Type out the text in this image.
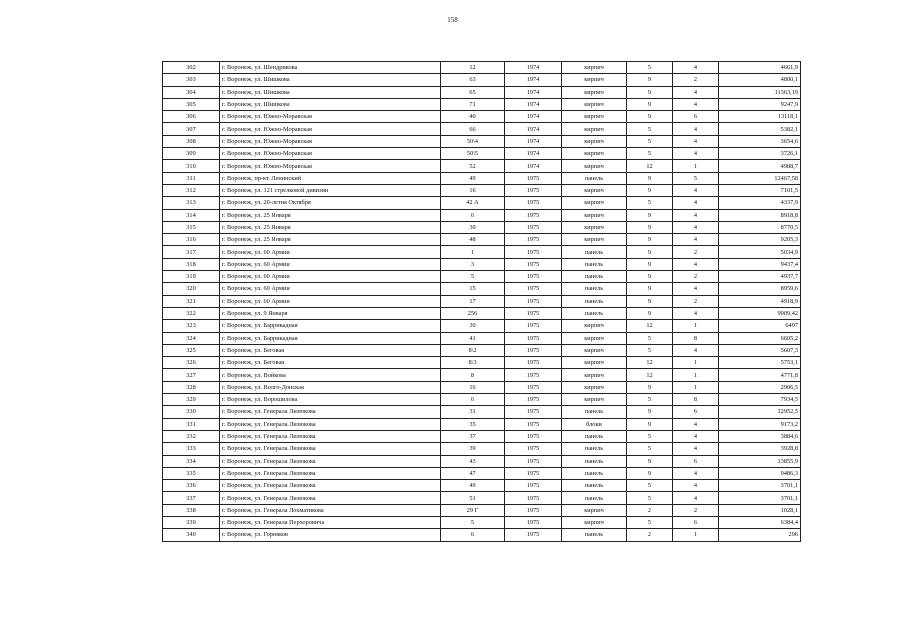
158
302	г. Воронеж, ул. Шендрикова	12	1974	кирпич	5	4	4661,9
303	г. Воронеж, ул. Шишкова	63	1974	кирпич	9	2	4800,1
304	г. Воронеж, ул. Шишкова	65	1974	кирпич	9	4	11363,19
305	г. Воронеж, ул. Шишкова	71	1974	кирпич	9	4	9247,9
306	г. Воронеж, ул. Южно-Моравская	40	1974	кирпич	9	6	13118,1
307	г. Воронеж, ул. Южно-Моравская	66	1974	кирпич	5	4	5382,1
308	г. Воронеж, ул. Южно-Моравская	50\4	1974	кирпич	5	4	3654,6
309	г. Воронеж, ул. Южно-Моравская	50\5	1974	кирпич	5	4	3726,1
310	г. Воронеж, ул. Южно-Моравская	52	1974	кирпич	12	1	4988,7
311	г. Воронеж, пр-кт. Ленинский	49	1975	панель	9	5	12467,58
312	г. Воронеж, ул. 121 стрелковой дивизии	16	1975	кирпич	9	4	7101,5
313	г. Воронеж, ул. 20-летия Октября	42 А	1975	кирпич	5	4	4337,9
314	г. Воронеж, ул. 25 Января	6	1975	кирпич	9	4	8918,8
315	г. Воронеж, ул. 25 Января	30	1975	кирпич	9	4	8770,5
316	г. Воронеж, ул. 25 Января	48	1975	кирпич	9	4	9205,3
317	г. Воронеж, ул. 60 Армии	1	1975	панель	9	2	5034,9
318	г. Воронеж, ул. 60 Армии	3	1975	панель	9	4	9437,4
319	г. Воронеж, ул. 60 Армии	5	1975	панель	9	2	4937,7
320	г. Воронеж, ул. 60 Армии	15	1975	панель	9	4	8959,6
321	г. Воронеж, ул. 60 Армии	17	1975	панель	9	2	4918,9
322	г. Воронеж, ул. 9 Января	256	1975	панель	9	4	9009,42
323	г. Воронеж, ул. Баррикадная	30	1975	кирпич	12	1	6497
324	г. Воронеж, ул. Баррикадная	41	1975	кирпич	5	8	6605,2
325	г. Воронеж, ул. Беговая	8\2	1975	кирпич	5	4	5607,3
326	г. Воронеж, ул. Беговая	8\3	1975	кирпич	12	1	5753,1
327	г. Воронеж, ул. Войкова	8	1975	кирпич	12	1	4771,8
328	г. Воронеж, ул. Волго-Донская	16	1975	кирпич	9	1	2906,5
329	г. Воронеж, ул. Ворошилова	6	1975	кирпич	5	8	7934,5
330	г. Воронеж, ул. Генерала Лизюкова	31	1975	панель	9	6	12952,5
331	г. Воронеж, ул. Генерала Лизюкова	35	1975	блоки	9	4	9173,2
332	г. Воронеж, ул. Генерала Лизюкова	37	1975	панель	5	4	3884,6
333	г. Воронеж, ул. Генерала Лизюкова	39	1975	панель	5	4	3928,8
334	г. Воронеж, ул. Генерала Лизюкова	43	1975	панель	9	6	13855,9
335	г. Воронеж, ул. Генерала Лизюкова	47	1975	панель	9	4	9486,3
336	г. Воронеж, ул. Генерала Лизюкова	49	1975	панель	5	4	3701,1
337	г. Воронеж, ул. Генерала Лизюкова	51	1975	панель	5	4	3701,1
338	г. Воронеж, ул. Генерала Лохматикова	29 Г	1975	кирпич	2	2	1028,1
339	г. Воронеж, ул. Генерала Перхоровича	5	1975	кирпич	5	6	6384,4
340	г. Воронеж, ул. Горняков	6	1975	панель	2	1	296
